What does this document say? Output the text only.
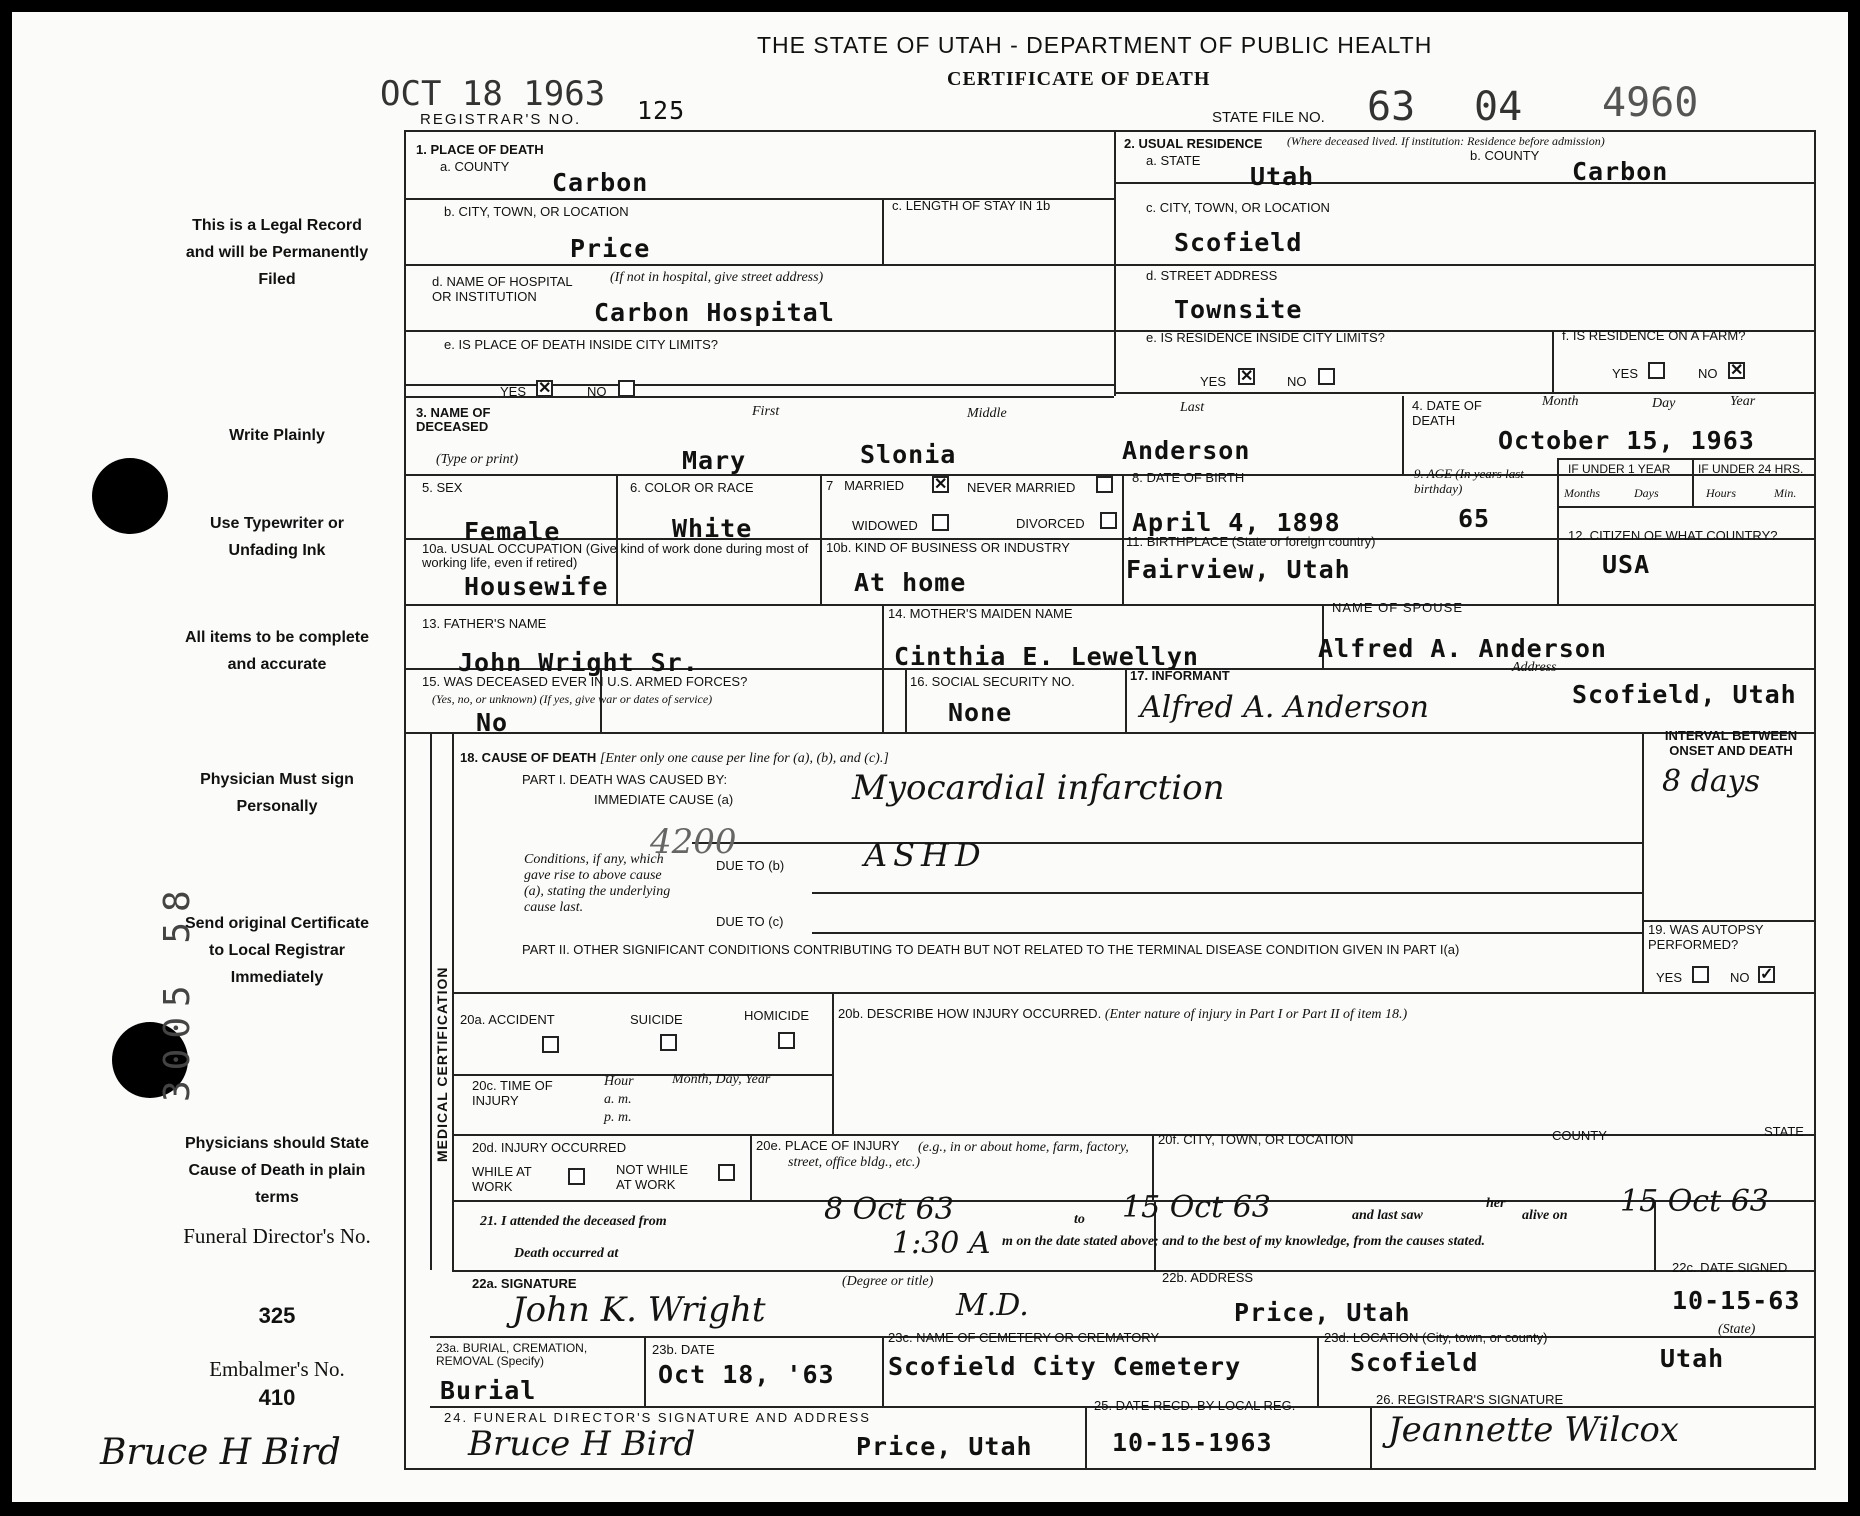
THE STATE OF UTAH - DEPARTMENT OF PUBLIC HEALTH
CERTIFICATE OF DEATH
OCT 18 1963
REGISTRAR'S NO. 125	STATE FILE NO. 63 04 4960
This is a Legal Record and will be Permanently Filed
Write Plainly
Use Typewriter or Unfading Ink
All items to be complete and accurate
Physician Must sign Personally
Send original Certificate to Local Registrar Immediately
Physicians should State Cause of Death in plain terms
Funeral Director's No.
325
Embalmer's No.
410
3005 58
Bruce H Bird
1. PLACE OF DEATH
a. COUNTY
Carbon
b. CITY, TOWN, OR LOCATION
Price
c. LENGTH OF STAY IN 1b
d. NAME OF HOSPITAL OR INSTITUTION
(If not in hospital, give street address)
Carbon Hospital
e. IS PLACE OF DEATH INSIDE CITY LIMITS?
YES ✕	NO
2. USUAL RESIDENCE (Where deceased lived. If institution: Residence before admission)
a. STATE
Utah
b. COUNTY
Carbon
c. CITY, TOWN, OR LOCATION
Scofield
d. STREET ADDRESS
Townsite
e. IS RESIDENCE INSIDE CITY LIMITS?
YES ✕	NO
f. IS RESIDENCE ON A FARM?
YES	NO ✕
3. NAME OF DECEASED
(Type or print)
First	Middle	Last
Mary	Slonia	Anderson
4. DATE OF DEATH
Month	Day	Year
October 15, 1963
5. SEX
Female
6. COLOR OR RACE
White
7   MARRIED ✕ NEVER MARRIED
WIDOWED	DIVORCED
8. DATE OF BIRTH
April 4, 1898
9. AGE (In years last birthday)
65
IF UNDER 1 YEAR IF UNDER 24 HRS.
Months	Days	Hours	Min.
10a. USUAL OCCUPATION (Give kind of work done during most of working life, even if retired)
Housewife
10b. KIND OF BUSINESS OR INDUSTRY
At home
11. BIRTHPLACE (State or foreign country)
Fairview, Utah
12. CITIZEN OF WHAT COUNTRY?
USA
13. FATHER'S NAME
John Wright Sr.
14. MOTHER'S MAIDEN NAME
Cinthia E. Lewellyn
NAME OF SPOUSE
Alfred A. Anderson
15. WAS DECEASED EVER IN U.S. ARMED FORCES?
(Yes, no, or unknown) (If yes, give war or dates of service)
No
16. SOCIAL SECURITY NO.
None
17. INFORMANT
Alfred A. Anderson
Address
Scofield, Utah
MEDICAL CERTIFICATION
18. CAUSE OF DEATH [Enter only one cause per line for (a), (b), and (c).]
PART I. DEATH WAS CAUSED BY:
IMMEDIATE CAUSE (a)	Myocardial infarction
INTERVAL BETWEEN ONSET AND DEATH
8 days
4200
Conditions, if any, which gave rise to above cause (a), stating the underlying cause last.
DUE TO (b) ASHD
DUE TO (c)
PART II. OTHER SIGNIFICANT CONDITIONS CONTRIBUTING TO DEATH BUT NOT RELATED TO THE TERMINAL DISEASE CONDITION GIVEN IN PART I(a)
19. WAS AUTOPSY PERFORMED?
YES	NO ✓
20a. ACCIDENT	SUICIDE	HOMICIDE 20b. DESCRIBE HOW INJURY OCCURRED. (Enter nature of injury in Part I or Part II of item 18.)
20c. TIME OF INJURY
Hour
a. m.
p. m.
Month, Day, Year
20d. INJURY OCCURRED
WHILE AT WORK
NOT WHILE AT WORK
20e. PLACE OF INJURY	(e.g., in or about home, farm, factory, street, office bldg., etc.)
20f. CITY, TOWN, OR LOCATION	COUNTY	STATE
21. I attended the deceased from	8 Oct 63	to 15 Oct 63	and last saw
her
alive on 15 Oct 63
Death occurred at	1:30 A m on the date stated above; and to the best of my knowledge, from the causes stated.
22a. SIGNATURE	(Degree or title)
John K. Wright	M.D.
22b. ADDRESS
Price, Utah
22c. DATE SIGNED
10-15-63
23a. BURIAL, CREMATION, REMOVAL (Specify)
Burial
23b. DATE
Oct 18, '63
23c. NAME OF CEMETERY OR CREMATORY
Scofield City Cemetery
23d. LOCATION (City, town, or county)
(State)
Scofield	Utah
24. FUNERAL DIRECTOR'S SIGNATURE AND ADDRESS
Bruce H Bird	Price, Utah
25. DATE RECD. BY LOCAL REG.
10-15-1963
26. REGISTRAR'S SIGNATURE
Jeannette Wilcox
